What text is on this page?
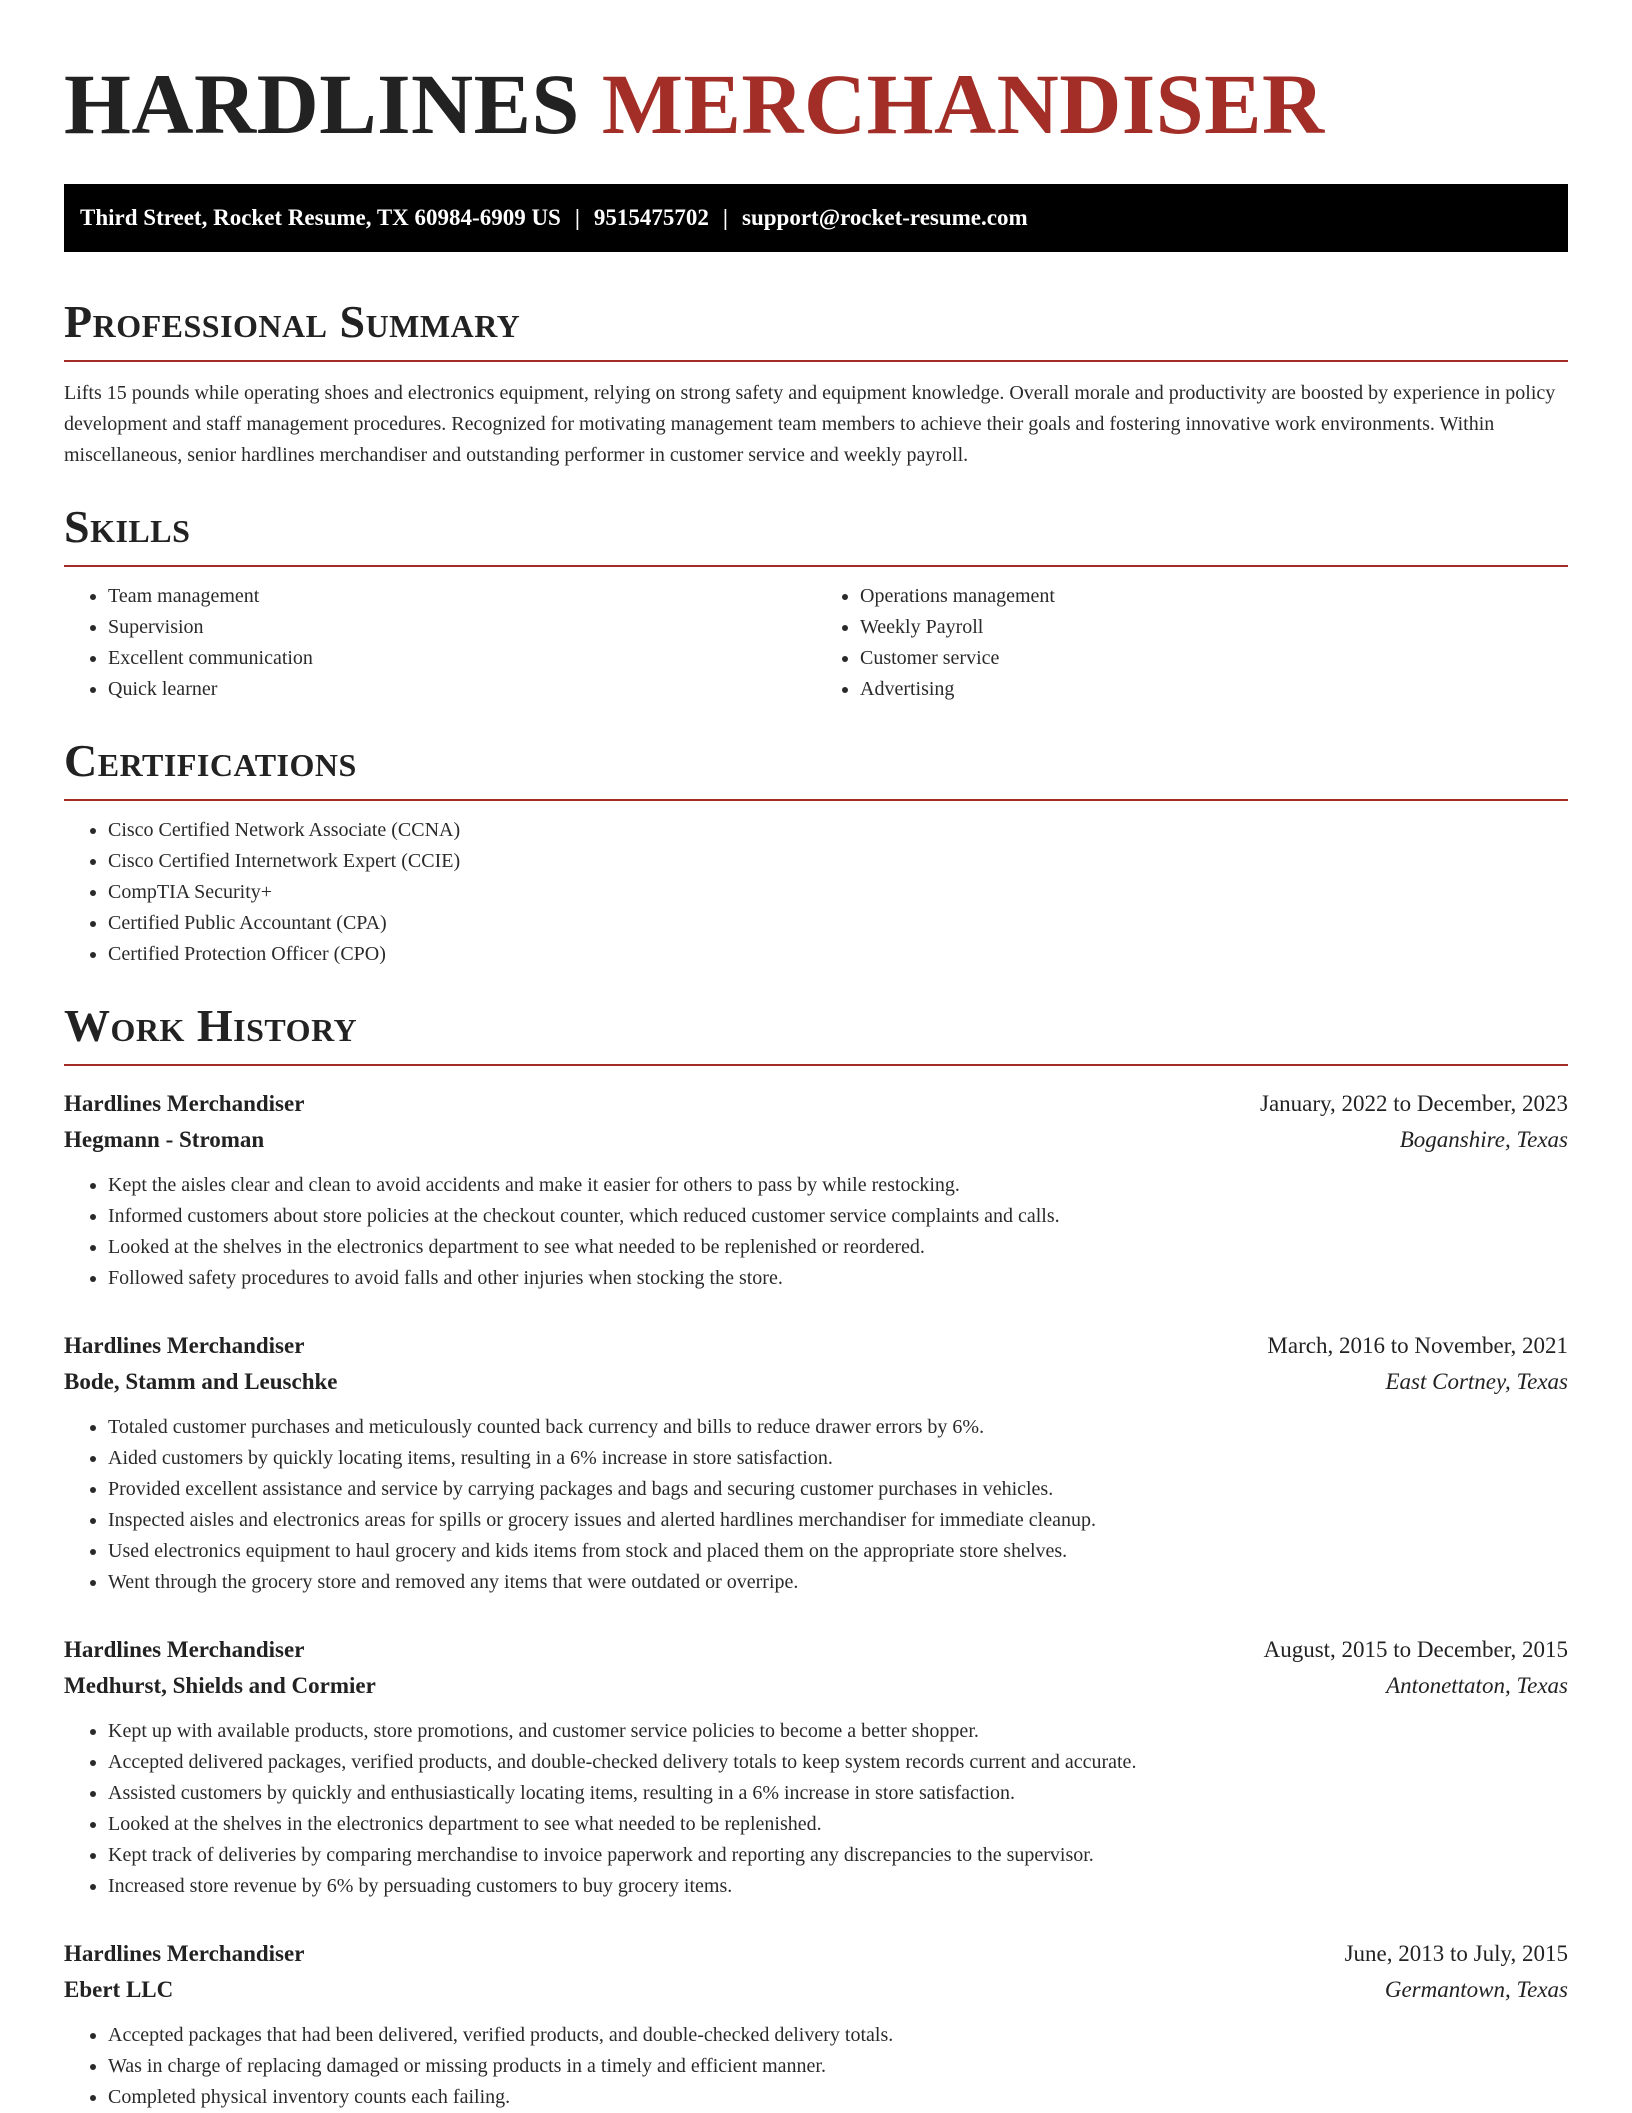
HARDLINES MERCHANDISER
Third Street, Rocket Resume, TX 60984-6909 US | 9515475702 | support@rocket-resume.com
Professional Summary

Lifts 15 pounds while operating shoes and electronics equipment, relying on strong safety and equipment knowledge. Overall morale and productivity are boosted by experience in policy development and staff management procedures. Recognized for motivating management team members to achieve their goals and fostering innovative work environments. Within miscellaneous, senior hardlines merchandiser and outstanding performer in customer service and weekly payroll.

Skills
• Team management
• Supervision
• Excellent communication
• Quick learner
• Operations management
• Weekly Payroll
• Customer service
• Advertising
Certifications
• Cisco Certified Network Associate (CCNA)
• Cisco Certified Internetwork Expert (CCIE)
• CompTIA Security+
• Certified Public Accountant (CPA)
• Certified Protection Officer (CPO)
Work History
Hardlines Merchandiser	January, 2022 to December, 2023
Hegmann - Stroman	Boganshire, Texas
• Kept the aisles clear and clean to avoid accidents and make it easier for others to pass by while restocking.
• Informed customers about store policies at the checkout counter, which reduced customer service complaints and calls.
• Looked at the shelves in the electronics department to see what needed to be replenished or reordered.
• Followed safety procedures to avoid falls and other injuries when stocking the store.
Hardlines Merchandiser	March, 2016 to November, 2021
Bode, Stamm and Leuschke	East Cortney, Texas
• Totaled customer purchases and meticulously counted back currency and bills to reduce drawer errors by 6%.
• Aided customers by quickly locating items, resulting in a 6% increase in store satisfaction.
• Provided excellent assistance and service by carrying packages and bags and securing customer purchases in vehicles.
• Inspected aisles and electronics areas for spills or grocery issues and alerted hardlines merchandiser for immediate cleanup.
• Used electronics equipment to haul grocery and kids items from stock and placed them on the appropriate store shelves.
• Went through the grocery store and removed any items that were outdated or overripe.
Hardlines Merchandiser	August, 2015 to December, 2015
Medhurst, Shields and Cormier	Antonettaton, Texas
• Kept up with available products, store promotions, and customer service policies to become a better shopper.
• Accepted delivered packages, verified products, and double-checked delivery totals to keep system records current and accurate.
• Assisted customers by quickly and enthusiastically locating items, resulting in a 6% increase in store satisfaction.
• Looked at the shelves in the electronics department to see what needed to be replenished.
• Kept track of deliveries by comparing merchandise to invoice paperwork and reporting any discrepancies to the supervisor.
• Increased store revenue by 6% by persuading customers to buy grocery items.
Hardlines Merchandiser	June, 2013 to July, 2015
Ebert LLC	Germantown, Texas
• Accepted packages that had been delivered, verified products, and double-checked delivery totals.
• Was in charge of replacing damaged or missing products in a timely and efficient manner.
• Completed physical inventory counts each failing.
